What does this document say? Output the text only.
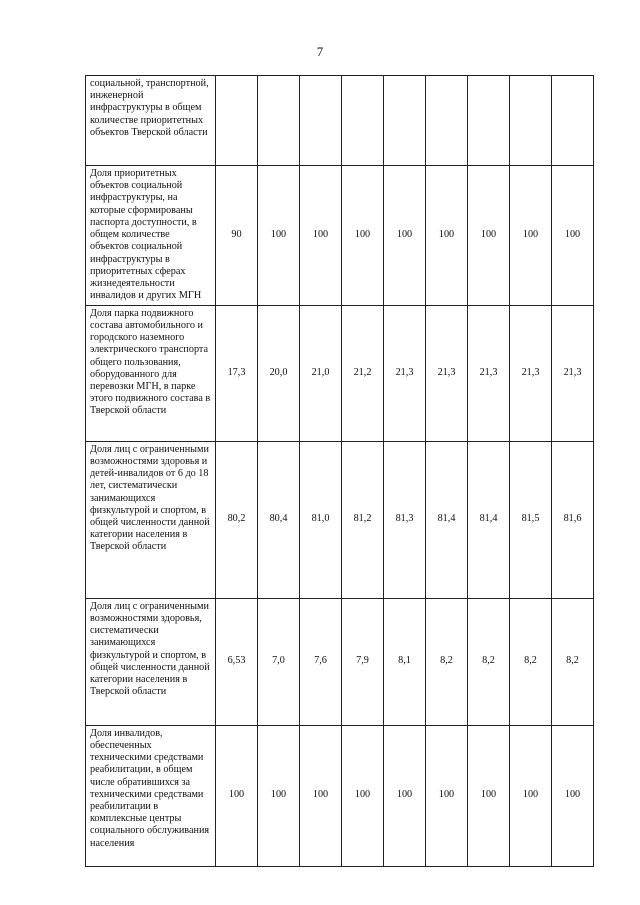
7
социальной, транспортной, инженерной инфраструктуры в общем количестве приоритетных объектов Тверской области									
Доля приоритетных объектов социальной инфраструктуры, на которые сформированы паспорта доступности, в общем количестве объектов социальной инфраструктуры в приоритетных сферах жизнедеятельности инвалидов и других МГН	90	100	100	100	100	100	100	100	100
Доля парка подвижного состава автомобильного и городского наземного электрического транспорта общего пользования, оборудованного для перевозки МГН, в парке этого подвижного состава в Тверской области	17,3	20,0	21,0	21,2	21,3	21,3	21,3	21,3	21,3
Доля лиц с ограниченными возможностями здоровья и детей-инвалидов от 6 до 18 лет, систематически занимающихся физкультурой и спортом, в общей численности данной категории населения в Тверской области	80,2	80,4	81,0	81,2	81,3	81,4	81,4	81,5	81,6
Доля лиц с ограниченными возможностями здоровья, систематически занимающихся физкультурой и спортом, в общей численности данной категории населения в Тверской области	6,53	7,0	7,6	7,9	8,1	8,2	8,2	8,2	8,2
Доля инвалидов, обеспеченных техническими средствами реабилитации, в общем числе обратившихся за техническими средствами реабилитации в комплексные центры социального обслуживания населения	100	100	100	100	100	100	100	100	100
